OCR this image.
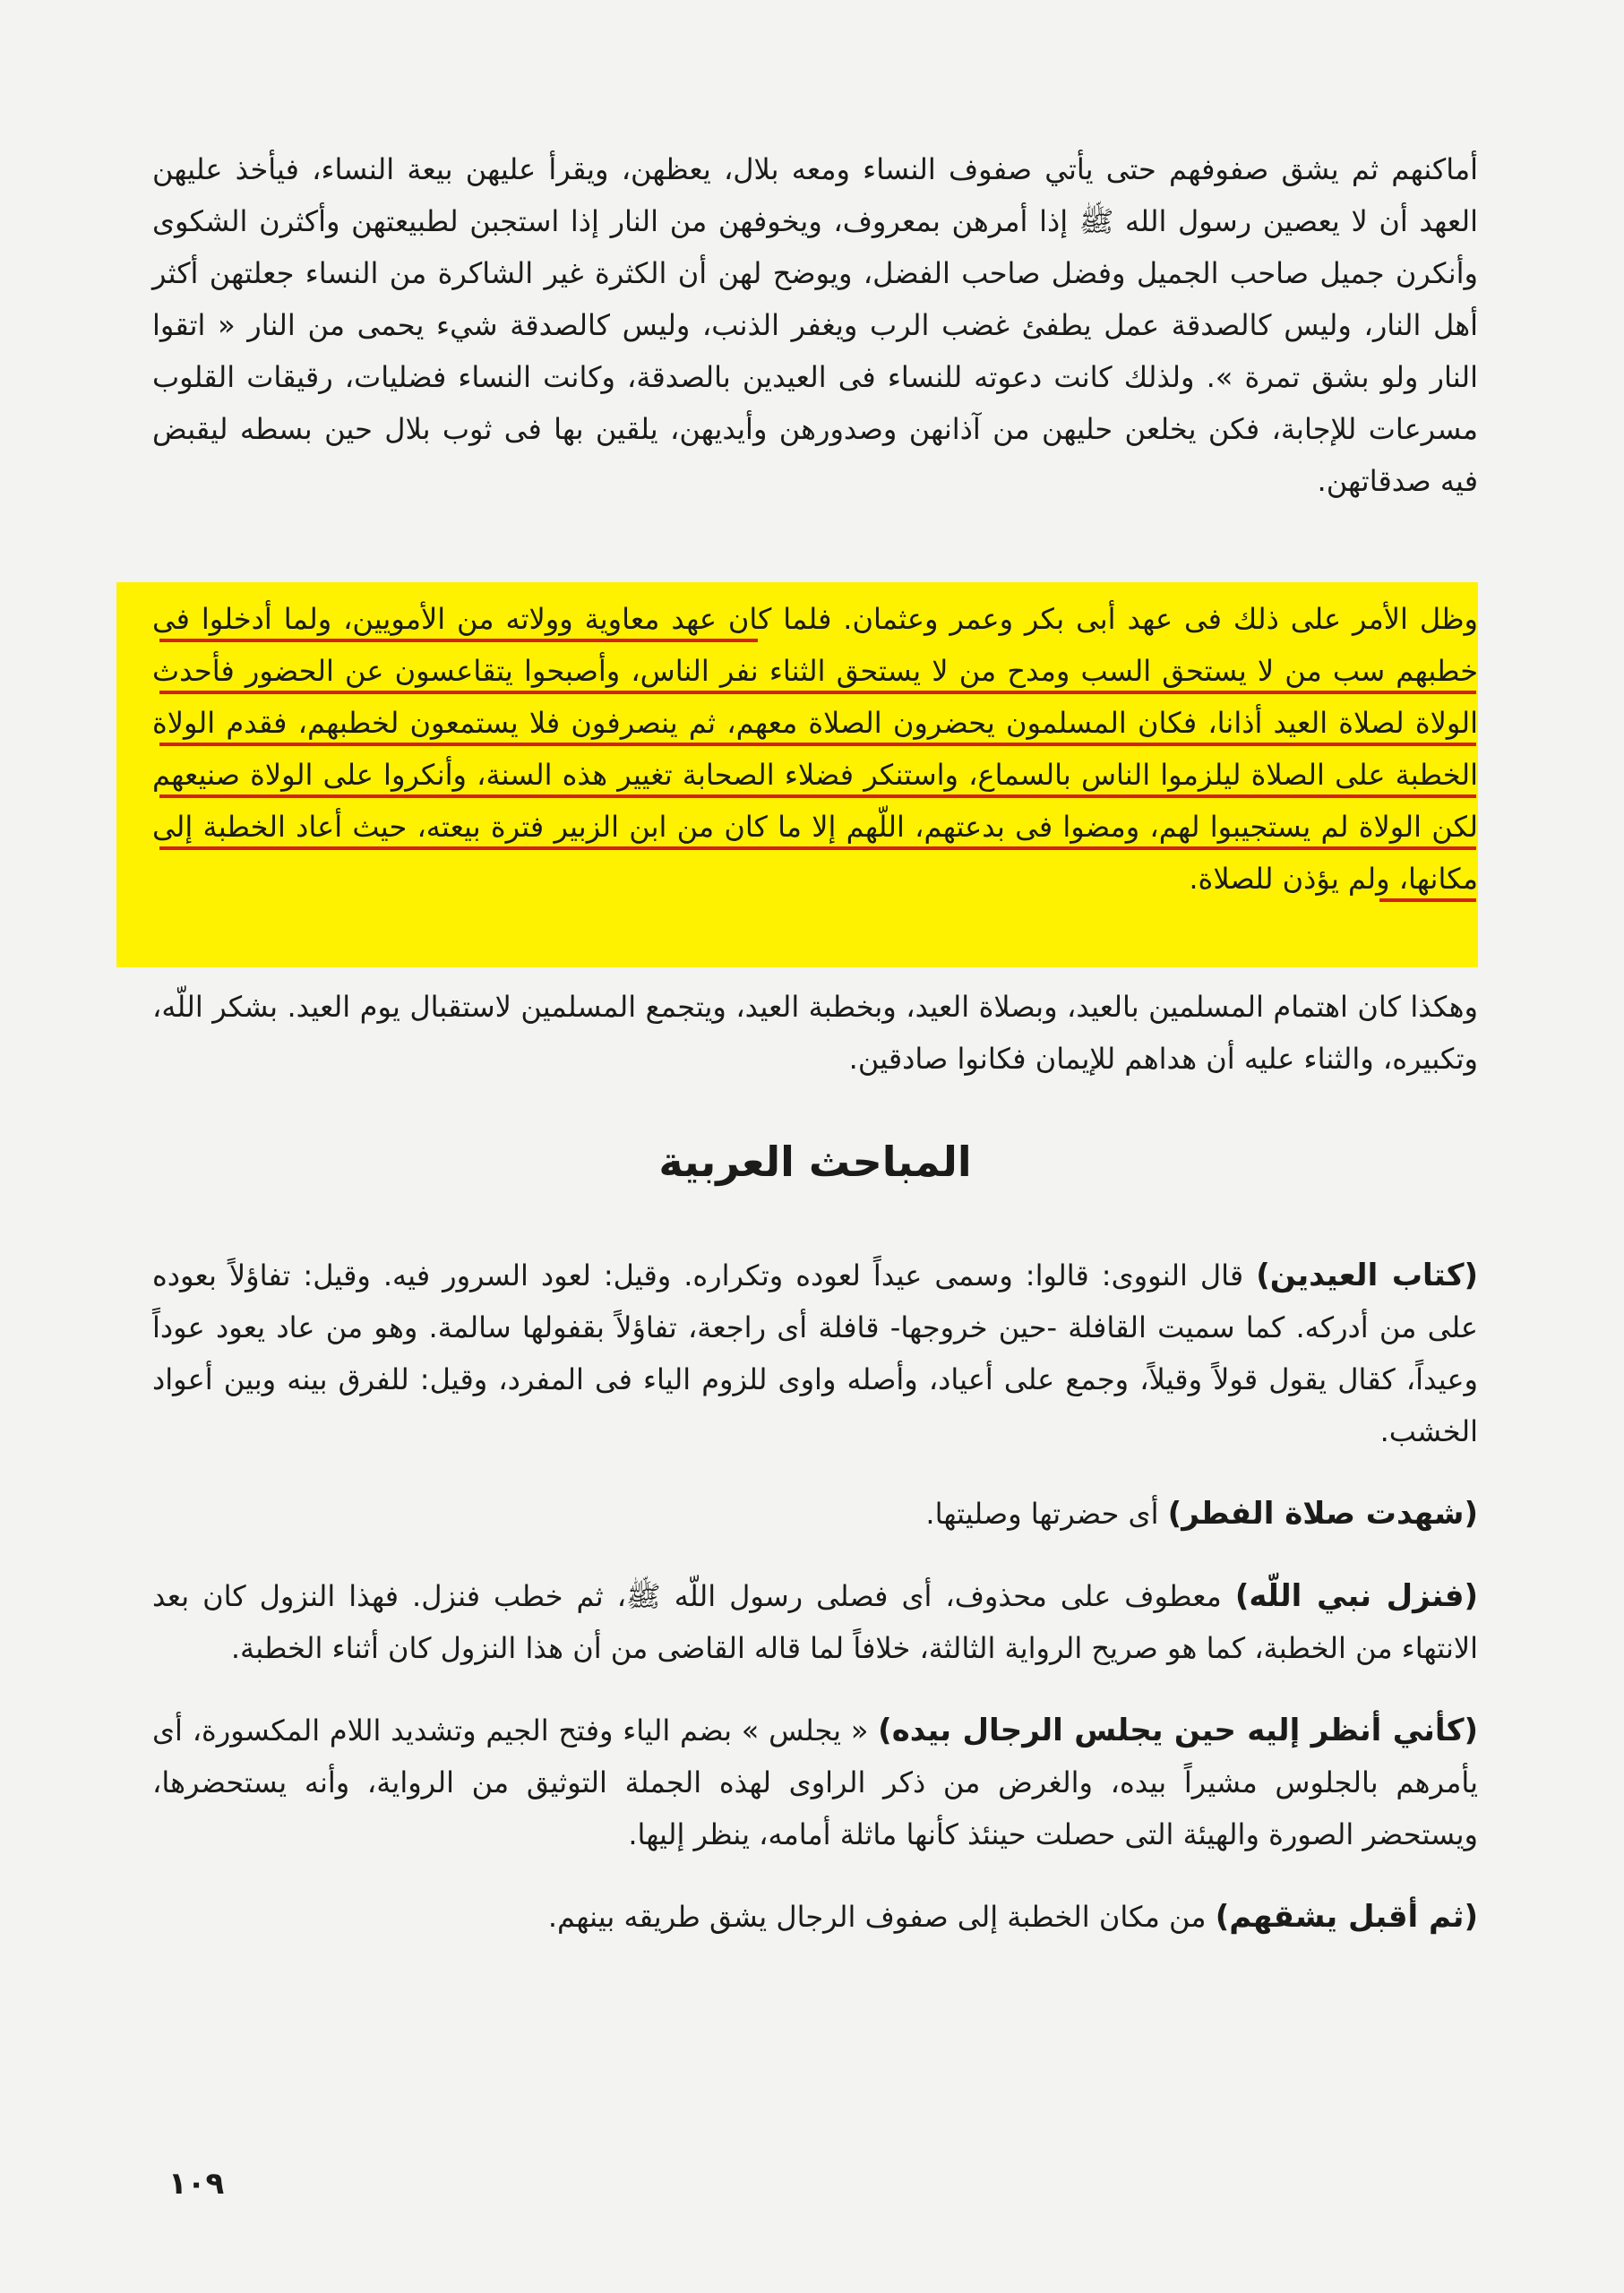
أماكنهم ثم يشق صفوفهم حتى يأتي صفوف النساء ومعه بلال، يعظهن، ويقرأ عليهن بيعة النساء، فيأخذ عليهن العهد أن لا يعصين رسول الله ﷺ إذا أمرهن بمعروف، ويخوفهن من النار إذا استجبن لطبيعتهن وأكثرن الشكوى وأنكرن جميل صاحب الجميل وفضل صاحب الفضل، ويوضح لهن أن الكثرة غير الشاكرة من النساء جعلتهن أكثر أهل النار، وليس كالصدقة عمل يطفئ غضب الرب ويغفر الذنب، وليس كالصدقة شيء يحمى من النار « اتقوا النار ولو بشق تمرة ». ولذلك كانت دعوته للنساء فى العيدين بالصدقة، وكانت النساء فضليات، رقيقات القلوب مسرعات للإجابة، فكن يخلعن حليهن من آذانهن وصدورهن وأيديهن، يلقين بها فى ثوب بلال حين بسطه ليقبض فيه صدقاتهن.

وظل الأمر على ذلك فى عهد أبى بكر وعمر وعثمان. فلما كان عهد معاوية وولاته من الأمويين، ولما أدخلوا فى خطبهم سب من لا يستحق السب ومدح من لا يستحق الثناء نفر الناس، وأصبحوا يتقاعسون عن الحضور فأحدث الولاة لصلاة العيد أذانا، فكان المسلمون يحضرون الصلاة معهم، ثم ينصرفون فلا يستمعون لخطبهم، فقدم الولاة الخطبة على الصلاة ليلزموا الناس بالسماع، واستنكر فضلاء الصحابة تغيير هذه السنة، وأنكروا على الولاة صنيعهم لكن الولاة لم يستجيبوا لهم، ومضوا فى بدعتهم، اللّهم إلا ما كان من ابن الزبير فترة بيعته، حيث أعاد الخطبة إلى مكانها، ولم يؤذن للصلاة.

وهكذا كان اهتمام المسلمين بالعيد، وبصلاة العيد، وبخطبة العيد، ويتجمع المسلمين لاستقبال يوم العيد. بشكر اللّه، وتكبيره، والثناء عليه أن هداهم للإيمان فكانوا صادقين.

المباحث العربية

(كتاب العيدين) قال النووى: قالوا: وسمى عيداً لعوده وتكراره. وقيل: لعود السرور فيه. وقيل: تفاؤلاً بعوده على من أدركه. كما سميت القافلة -حين خروجها- قافلة أى راجعة، تفاؤلاً بقفولها سالمة. وهو من عاد يعود عوداً وعيداً، كقال يقول قولاً وقيلاً، وجمع على أعياد، وأصله واوى للزوم الياء فى المفرد، وقيل: للفرق بينه وبين أعواد الخشب.

(شهدت صلاة الفطر) أى حضرتها وصليتها.

(فنزل نبي اللّه) معطوف على محذوف، أى فصلى رسول اللّه ﷺ، ثم خطب فنزل. فهذا النزول كان بعد الانتهاء من الخطبة، كما هو صريح الرواية الثالثة، خلافاً لما قاله القاضى من أن هذا النزول كان أثناء الخطبة.

(كأني أنظر إليه حين يجلس الرجال بيده) « يجلس » بضم الياء وفتح الجيم وتشديد اللام المكسورة، أى يأمرهم بالجلوس مشيراً بيده، والغرض من ذكر الراوى لهذه الجملة التوثيق من الرواية، وأنه يستحضرها، ويستحضر الصورة والهيئة التى حصلت حينئذ كأنها ماثلة أمامه، ينظر إليها.

(ثم أقبل يشقهم) من مكان الخطبة إلى صفوف الرجال يشق طريقه بينهم.

١٠٩
